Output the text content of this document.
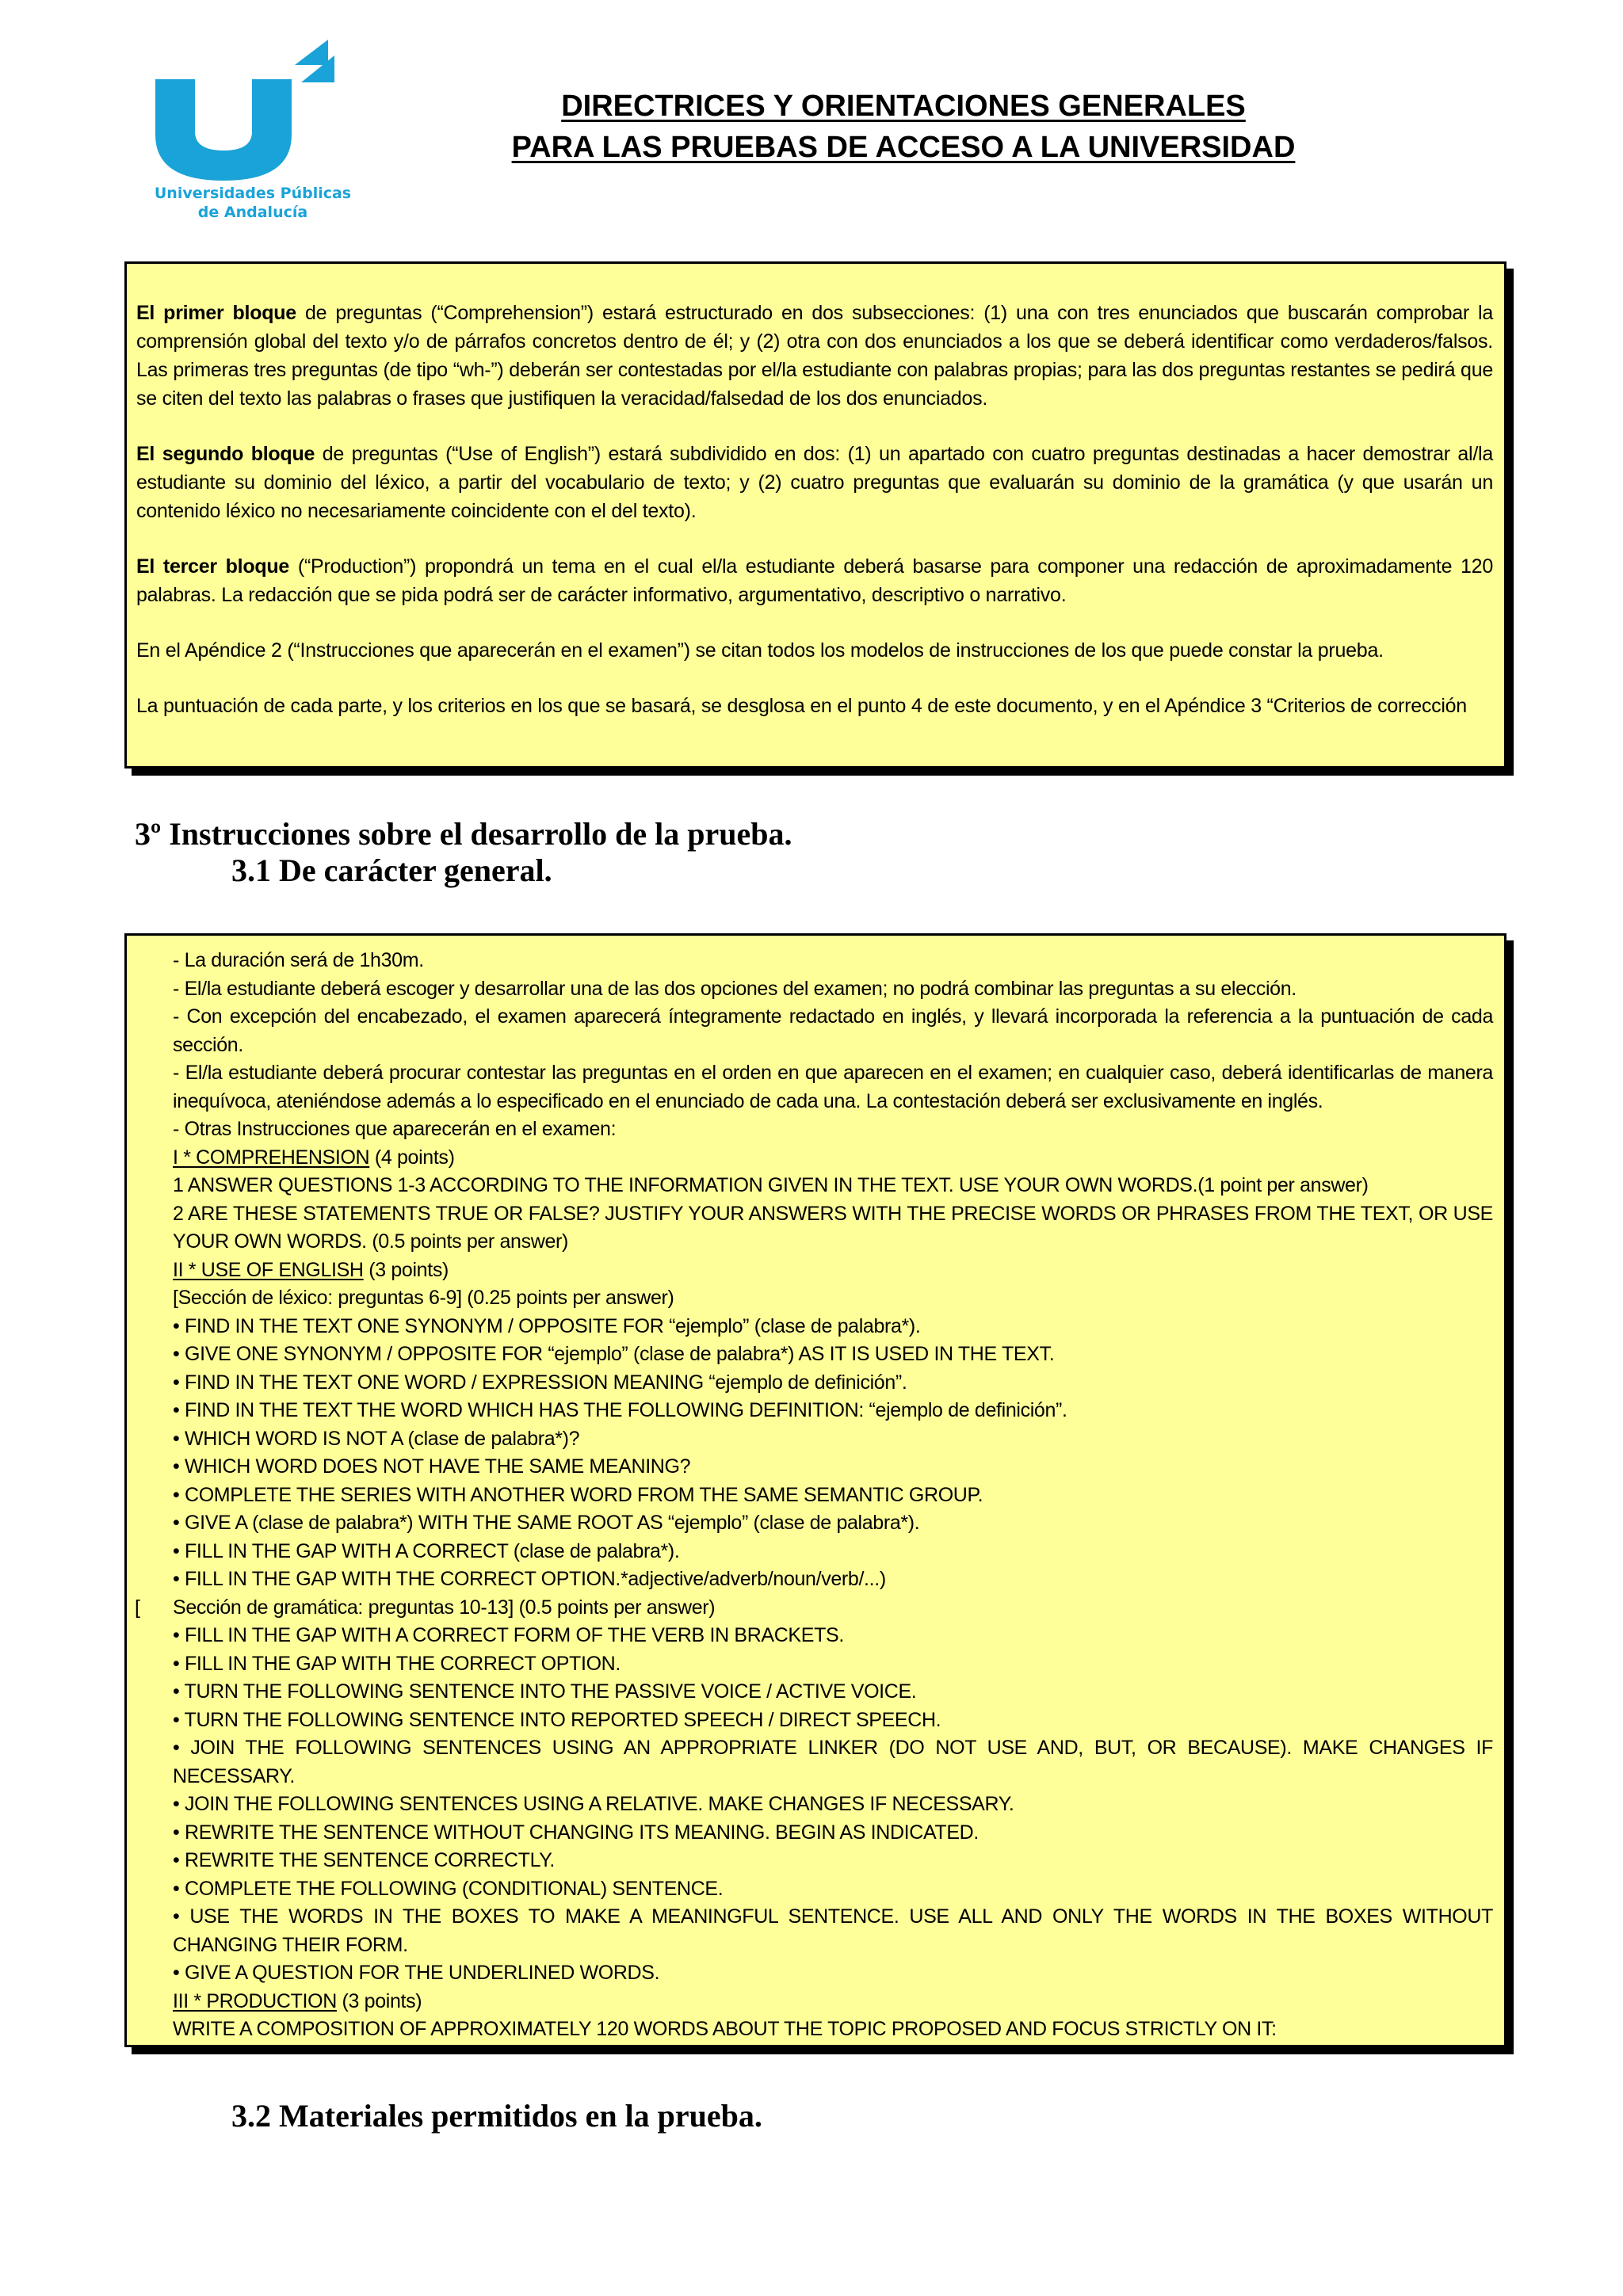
Universidades Públicas
de Andalucía
DIRECTRICES Y ORIENTACIONES GENERALES
PARA LAS PRUEBAS DE ACCESO A LA UNIVERSIDAD

El primer bloque de preguntas (“Comprehension”) estará estructurado en dos subsecciones: (1) una con tres enunciados que buscarán comprobar la comprensión global del texto y/o de párrafos concretos dentro de él; y (2) otra con dos enunciados a los que se deberá identificar como verdaderos/falsos. Las primeras tres preguntas (de tipo “wh-”) deberán ser contestadas por el/la estudiante con palabras propias; para las dos preguntas restantes se pedirá que se citen del texto las palabras o frases que justifiquen la veracidad/falsedad de los dos enunciados.

El segundo bloque de preguntas (“Use of English”) estará subdividido en dos: (1) un apartado con cuatro preguntas destinadas a hacer demostrar al/la estudiante su dominio del léxico, a partir del vocabulario de texto; y (2) cuatro preguntas que evaluarán su dominio de la gramática (y que usarán un contenido léxico no necesariamente coincidente con el del texto).

El tercer bloque (“Production”) propondrá un tema en el cual el/la estudiante deberá basarse para componer una redacción de aproximadamente 120 palabras. La redacción que se pida podrá ser de carácter informativo, argumentativo, descriptivo o narrativo.

En el Apéndice 2 (“Instrucciones que aparecerán en el examen”) se citan todos los modelos de instrucciones de los que puede constar la prueba.

La puntuación de cada parte, y los criterios en los que se basará, se desglosa en el punto 4 de este documento, y en el Apéndice 3 “Criterios de corrección

3º Instrucciones sobre el desarrollo de la prueba.
3.1 De carácter general.
- La duración será de 1h30m.
- El/la estudiante deberá escoger y desarrollar una de las dos opciones del examen; no podrá combinar las preguntas a su elección.
- Con excepción del encabezado, el examen aparecerá íntegramente redactado en inglés, y llevará incorporada la referencia a la puntuación de cada sección.
- El/la estudiante deberá procurar contestar las preguntas en el orden en que aparecen en el examen; en cualquier caso, deberá identificarlas de manera inequívoca, ateniéndose además a lo especificado en el enunciado de cada una. La contestación deberá ser exclusivamente en inglés.
- Otras Instrucciones que aparecerán en el examen:
I * COMPREHENSION (4 points)
1 ANSWER QUESTIONS 1-3 ACCORDING TO THE INFORMATION GIVEN IN THE TEXT. USE YOUR OWN WORDS.(1 point per answer)
2 ARE THESE STATEMENTS TRUE OR FALSE? JUSTIFY YOUR ANSWERS WITH THE PRECISE WORDS OR PHRASES FROM THE TEXT, OR USE YOUR OWN WORDS. (0.5 points per answer)
II * USE OF ENGLISH (3 points)
[Sección de léxico: preguntas 6-9] (0.25 points per answer)
• FIND IN THE TEXT ONE SYNONYM / OPPOSITE FOR “ejemplo” (clase de palabra*).
• GIVE ONE SYNONYM / OPPOSITE FOR “ejemplo” (clase de palabra*) AS IT IS USED IN THE TEXT.
• FIND IN THE TEXT ONE WORD / EXPRESSION MEANING “ejemplo de definición”.
• FIND IN THE TEXT THE WORD WHICH HAS THE FOLLOWING DEFINITION: “ejemplo de definición”.
• WHICH WORD IS NOT A (clase de palabra*)?
• WHICH WORD DOES NOT HAVE THE SAME MEANING?
• COMPLETE THE SERIES WITH ANOTHER WORD FROM THE SAME SEMANTIC GROUP.
• GIVE A (clase de palabra*) WITH THE SAME ROOT AS “ejemplo” (clase de palabra*).
• FILL IN THE GAP WITH A CORRECT (clase de palabra*).
• FILL IN THE GAP WITH THE CORRECT OPTION.*adjective/adverb/noun/verb/...)
[ Sección de gramática: preguntas 10-13] (0.5 points per answer)
• FILL IN THE GAP WITH A CORRECT FORM OF THE VERB IN BRACKETS.
• FILL IN THE GAP WITH THE CORRECT OPTION.
• TURN THE FOLLOWING SENTENCE INTO THE PASSIVE VOICE / ACTIVE VOICE.
• TURN THE FOLLOWING SENTENCE INTO REPORTED SPEECH / DIRECT SPEECH.
• JOIN THE FOLLOWING SENTENCES USING AN APPROPRIATE LINKER (DO NOT USE AND, BUT, OR BECAUSE). MAKE CHANGES IF NECESSARY.
• JOIN THE FOLLOWING SENTENCES USING A RELATIVE. MAKE CHANGES IF NECESSARY.
• REWRITE THE SENTENCE WITHOUT CHANGING ITS MEANING. BEGIN AS INDICATED.
• REWRITE THE SENTENCE CORRECTLY.
• COMPLETE THE FOLLOWING (CONDITIONAL) SENTENCE.
• USE THE WORDS IN THE BOXES TO MAKE A MEANINGFUL SENTENCE. USE ALL AND ONLY THE WORDS IN THE BOXES WITHOUT CHANGING THEIR FORM.
• GIVE A QUESTION FOR THE UNDERLINED WORDS.
III * PRODUCTION (3 points)
WRITE A COMPOSITION OF APPROXIMATELY 120 WORDS ABOUT THE TOPIC PROPOSED AND FOCUS STRICTLY ON IT:
3.2 Materiales permitidos en la prueba.
